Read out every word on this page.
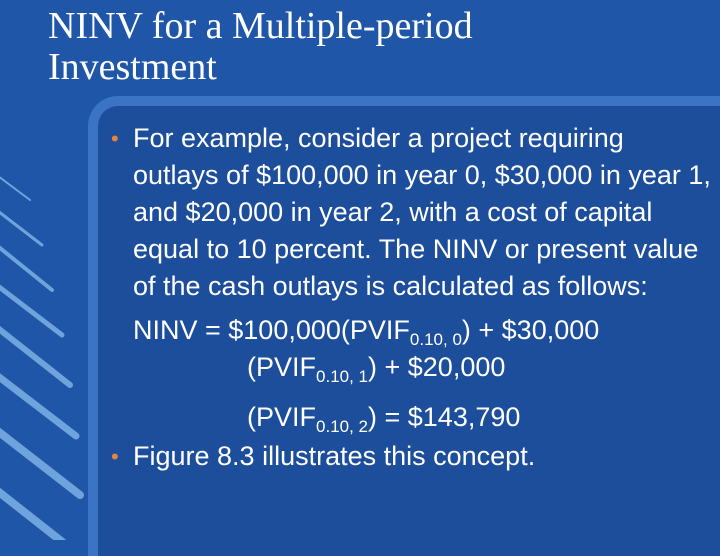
NINV for a Multiple-period
Investment
• For example, consider a project requiring outlays of $100,000 in year 0, $30,000 in year 1, and $20,000 in year 2, with a cost of capital equal to 10 percent. The NINV or present value of the cash outlays is calculated as follows:
NINV = $\$100,000(PVIF_{0.10, 0})$ + $30,000
$(PVIF_{0.10, 1})$ + $20,000
$(PVIF_{0.10, 2})$ = $143,790
• Figure 8.3 illustrates this concept.
